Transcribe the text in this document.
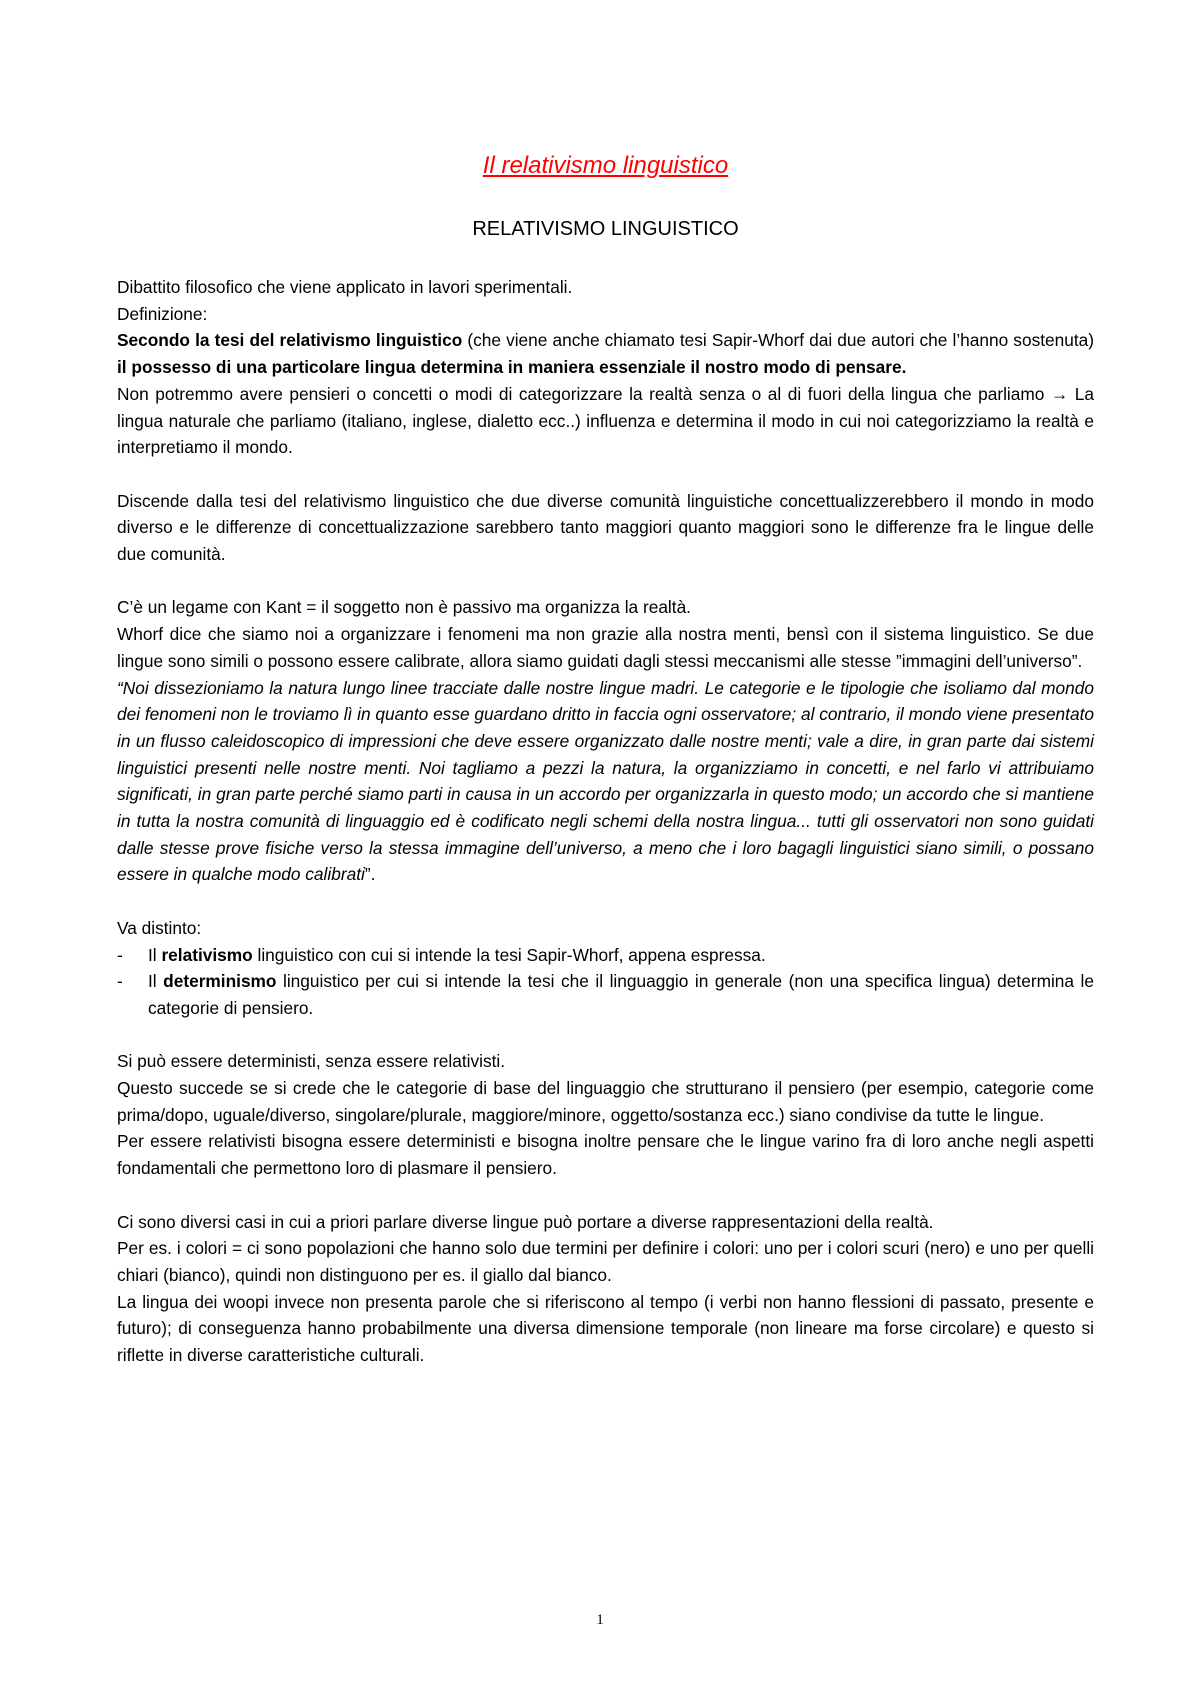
Il relativismo linguistico
RELATIVISMO LINGUISTICO

Dibattito filosofico che viene applicato in lavori sperimentali.

Definizione:

Secondo la tesi del relativismo linguistico (che viene anche chiamato tesi Sapir-Whorf dai due autori che l’hanno sostenuta) il possesso di una particolare lingua determina in maniera essenziale il nostro modo di pensare.

Non potremmo avere pensieri o concetti o modi di categorizzare la realtà senza o al di fuori della lingua che parliamo → La lingua naturale che parliamo (italiano, inglese, dialetto ecc..) influenza e determina il modo in cui noi categorizziamo la realtà e interpretiamo il mondo.

Discende dalla tesi del relativismo linguistico che due diverse comunità linguistiche concettualizzerebbero il mondo in modo diverso e le differenze di concettualizzazione sarebbero tanto maggiori quanto maggiori sono le differenze fra le lingue delle due comunità.

C’è un legame con Kant = il soggetto non è passivo ma organizza la realtà.

Whorf dice che siamo noi a organizzare i fenomeni ma non grazie alla nostra menti, bensì con il sistema linguistico. Se due lingue sono simili o possono essere calibrate, allora siamo guidati dagli stessi meccanismi alle stesse ”immagini dell’universo”.

“Noi dissezioniamo la natura lungo linee tracciate dalle nostre lingue madri. Le categorie e le tipologie che isoliamo dal mondo dei fenomeni non le troviamo lì in quanto esse guardano dritto in faccia ogni osservatore; al contrario, il mondo viene presentato in un flusso caleidoscopico di impressioni che deve essere organizzato dalle nostre menti; vale a dire, in gran parte dai sistemi linguistici presenti nelle nostre menti. Noi tagliamo a pezzi la natura, la organizziamo in concetti, e nel farlo vi attribuiamo significati, in gran parte perché siamo parti in causa in un accordo per organizzarla in questo modo; un accordo che si mantiene in tutta la nostra comunità di linguaggio ed è codificato negli schemi della nostra lingua... tutti gli osservatori non sono guidati dalle stesse prove fisiche verso la stessa immagine dell’universo, a meno che i loro bagagli linguistici siano simili, o possano essere in qualche modo calibrati”.

Va distinto:

- Il relativismo linguistico con cui si intende la tesi Sapir-Whorf, appena espressa.
- Il determinismo linguistico per cui si intende la tesi che il linguaggio in generale (non una specifica lingua) determina le categorie di pensiero.

Si può essere deterministi, senza essere relativisti.

Questo succede se si crede che le categorie di base del linguaggio che strutturano il pensiero (per esempio, categorie come prima/dopo, uguale/diverso, singolare/plurale, maggiore/minore, oggetto/sostanza ecc.) siano condivise da tutte le lingue.

Per essere relativisti bisogna essere deterministi e bisogna inoltre pensare che le lingue varino fra di loro anche negli aspetti fondamentali che permettono loro di plasmare il pensiero.

Ci sono diversi casi in cui a priori parlare diverse lingue può portare a diverse rappresentazioni della realtà.

Per es. i colori = ci sono popolazioni che hanno solo due termini per definire i colori: uno per i colori scuri (nero) e uno per quelli chiari (bianco), quindi non distinguono per es. il giallo dal bianco.

La lingua dei woopi invece non presenta parole che si riferiscono al tempo (i verbi non hanno flessioni di passato, presente e futuro); di conseguenza hanno probabilmente una diversa dimensione temporale (non lineare ma forse circolare) e questo si riflette in diverse caratteristiche culturali.

1
